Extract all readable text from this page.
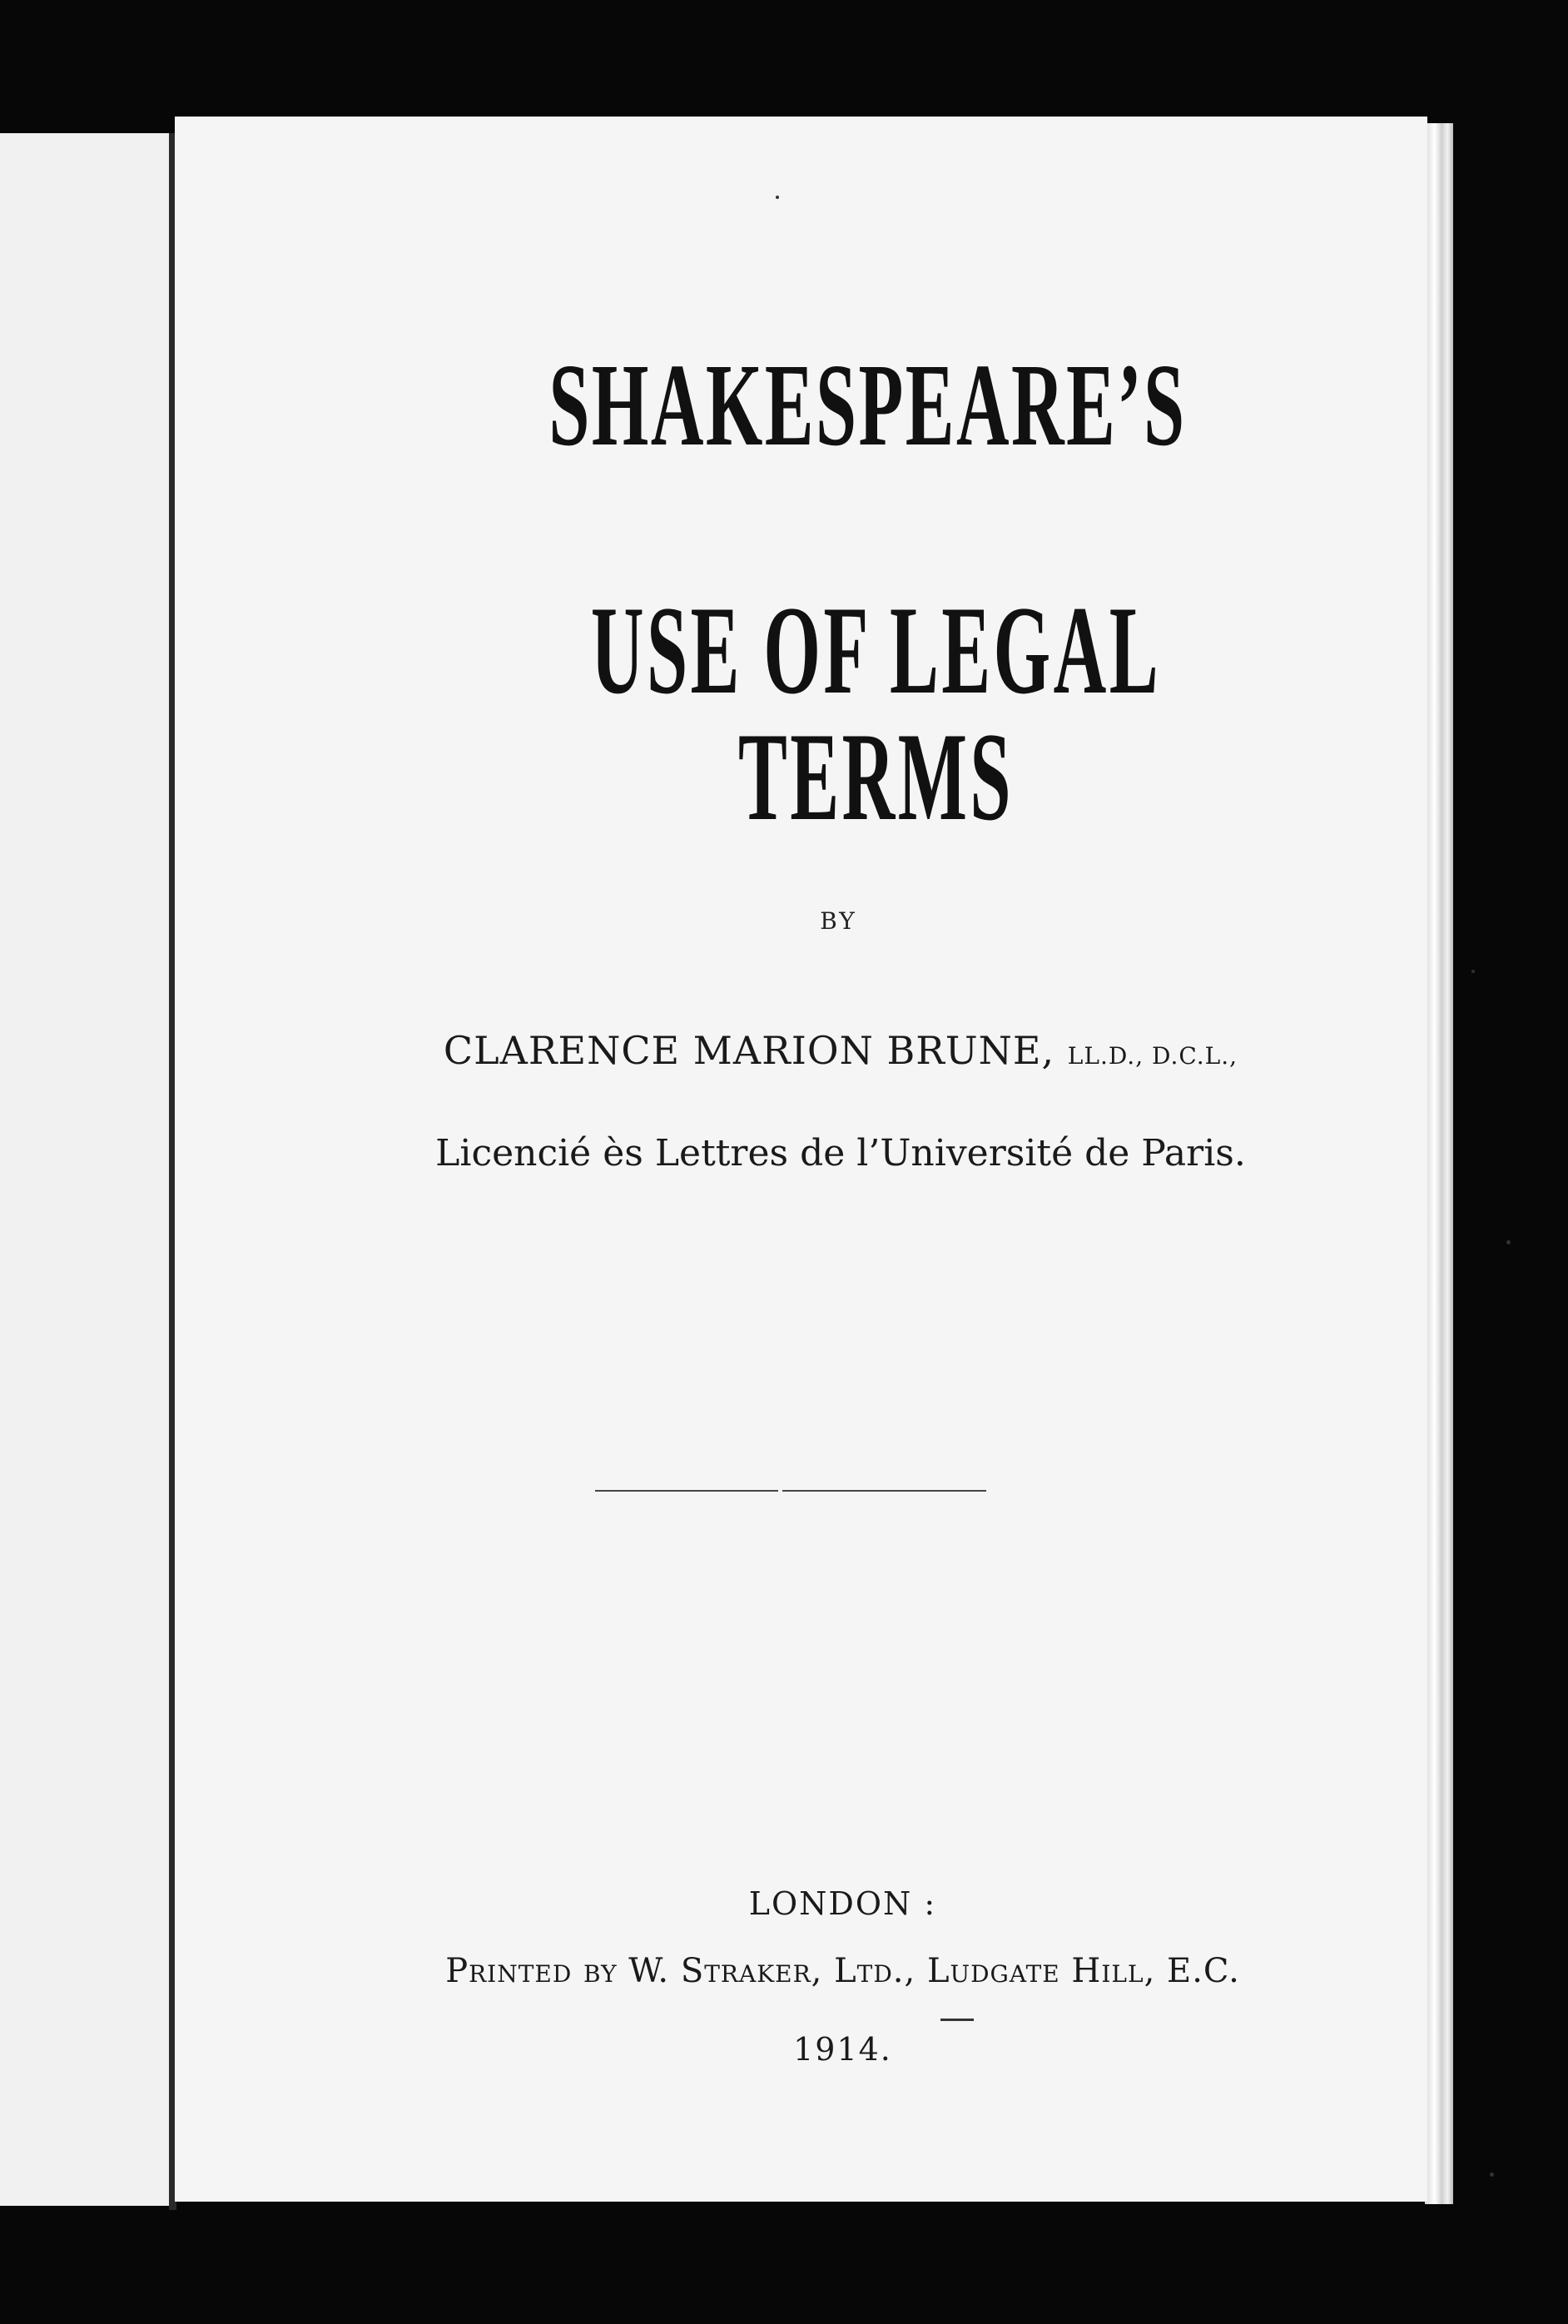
SHAKESPEARE’S
USE OF LEGAL TERMS
BY
CLARENCE MARION BRUNE, LL.D., D.C.L.,
Licencié ès Lettres de l’Université de Paris.
LONDON :
Printed by W. Straker, Ltd., Ludgate Hill, E.C.
1914.
